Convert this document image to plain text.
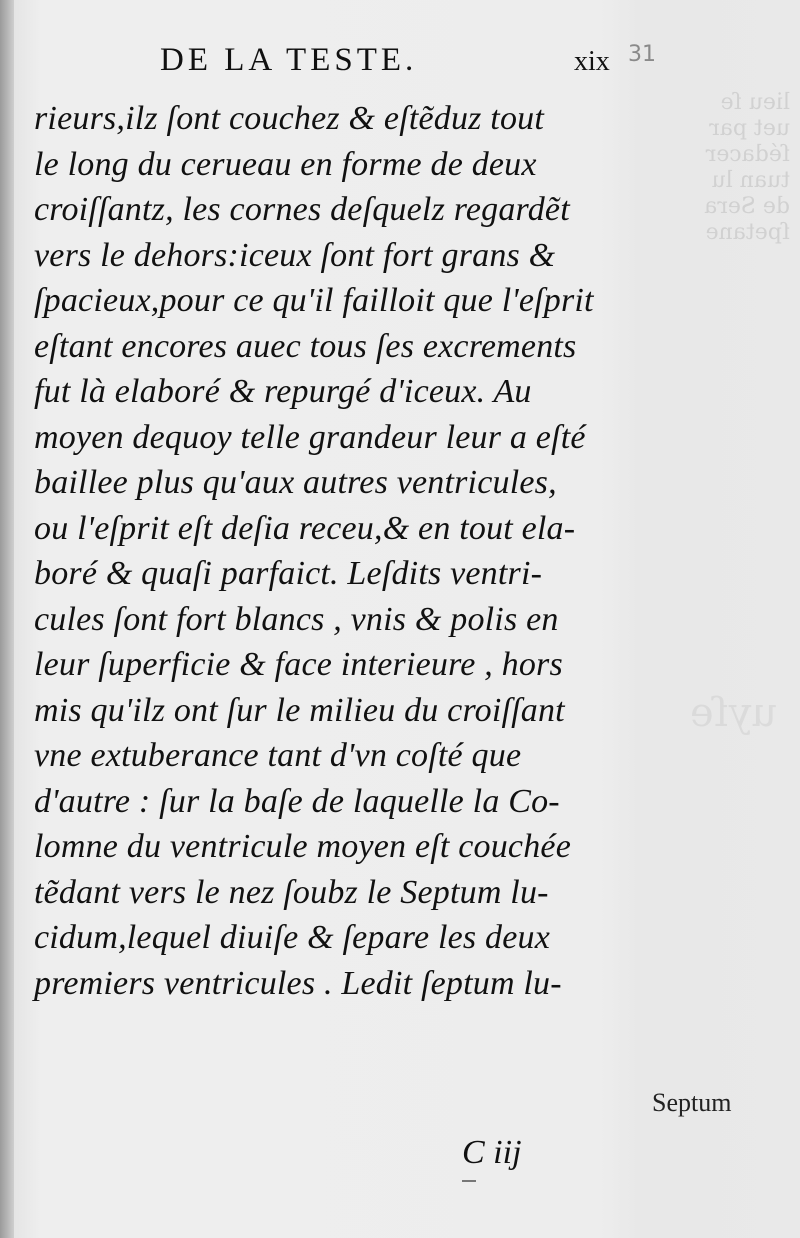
lieu ſe
uet par
ſédacer
tuan lu
de Sera
ſpetane
uyſe
DE LA TESTE.	xix 31
rieurs,ilz ſont couchez & eſtẽduz tout
le long du cerueau en forme de deux
croiſſantz, les cornes deſquelz regardẽt
vers le dehors:iceux ſont fort grans &
ſpacieux,pour ce qu'il failloit que l'eſprit
eſtant encores auec tous ſes excrements
fut là elaboré & repurgé d'iceux. Au
moyen dequoy telle grandeur leur a eſté
baillee plus qu'aux autres ventricules,
ou l'eſprit eſt deſia receu,& en tout ela-
boré & quaſi parfaict. Leſdits ventri-
cules ſont fort blancs , vnis & polis en
leur ſuperficie & face interieure , hors
mis qu'ilz ont ſur le milieu du croiſſant
vne extuberance tant d'vn coſté que
d'autre : ſur la baſe de laquelle la Co-
lomne du ventricule moyen eſt couchée
tẽdant vers le nez ſoubz le Septum lu-
cidum,lequel diuiſe & ſepare les deux
premiers ventricules . Ledit ſeptum lu-
Septum
C iij
